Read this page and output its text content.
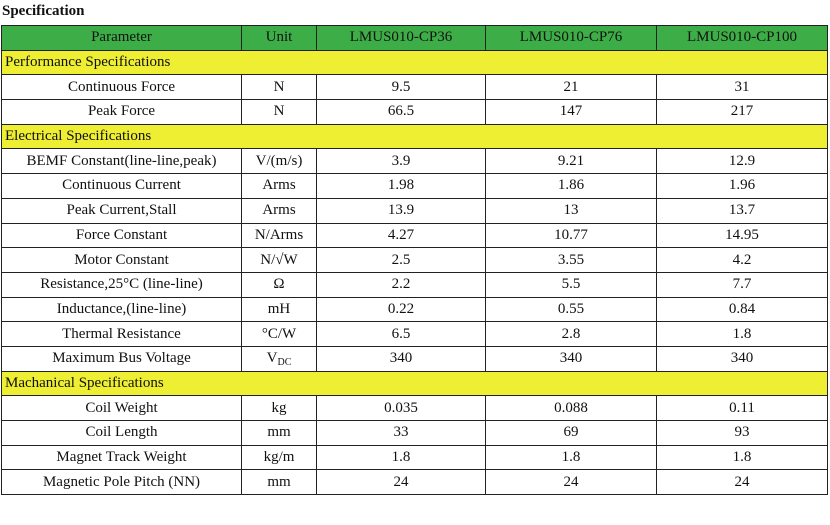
Specification
Parameter	Unit	LMUS010-CP36	LMUS010-CP76	LMUS010-CP100
Performance Specifications				
Continuous Force	N	9.5	21	31
Peak Force	N	66.5	147	217
Electrical Specifications				
BEMF Constant(line-line,peak)	V/(m/s)	3.9	9.21	12.9
Continuous Current	Arms	1.98	1.86	1.96
Peak Current,Stall	Arms	13.9	13	13.7
Force Constant	N/Arms	4.27	10.77	14.95
Motor Constant	N/√W	2.5	3.55	4.2
Resistance,25°C (line-line)	Ω	2.2	5.5	7.7
Inductance,(line-line)	mH	0.22	0.55	0.84
Thermal Resistance	°C/W	6.5	2.8	1.8
Maximum Bus Voltage	$V_{DC}$	340	340	340
Machanical Specifications				
Coil Weight	kg	0.035	0.088	0.11
Coil Length	mm	33	69	93
Magnet Track Weight	kg/m	1.8	1.8	1.8
Magnetic Pole Pitch (NN)	mm	24	24	24
